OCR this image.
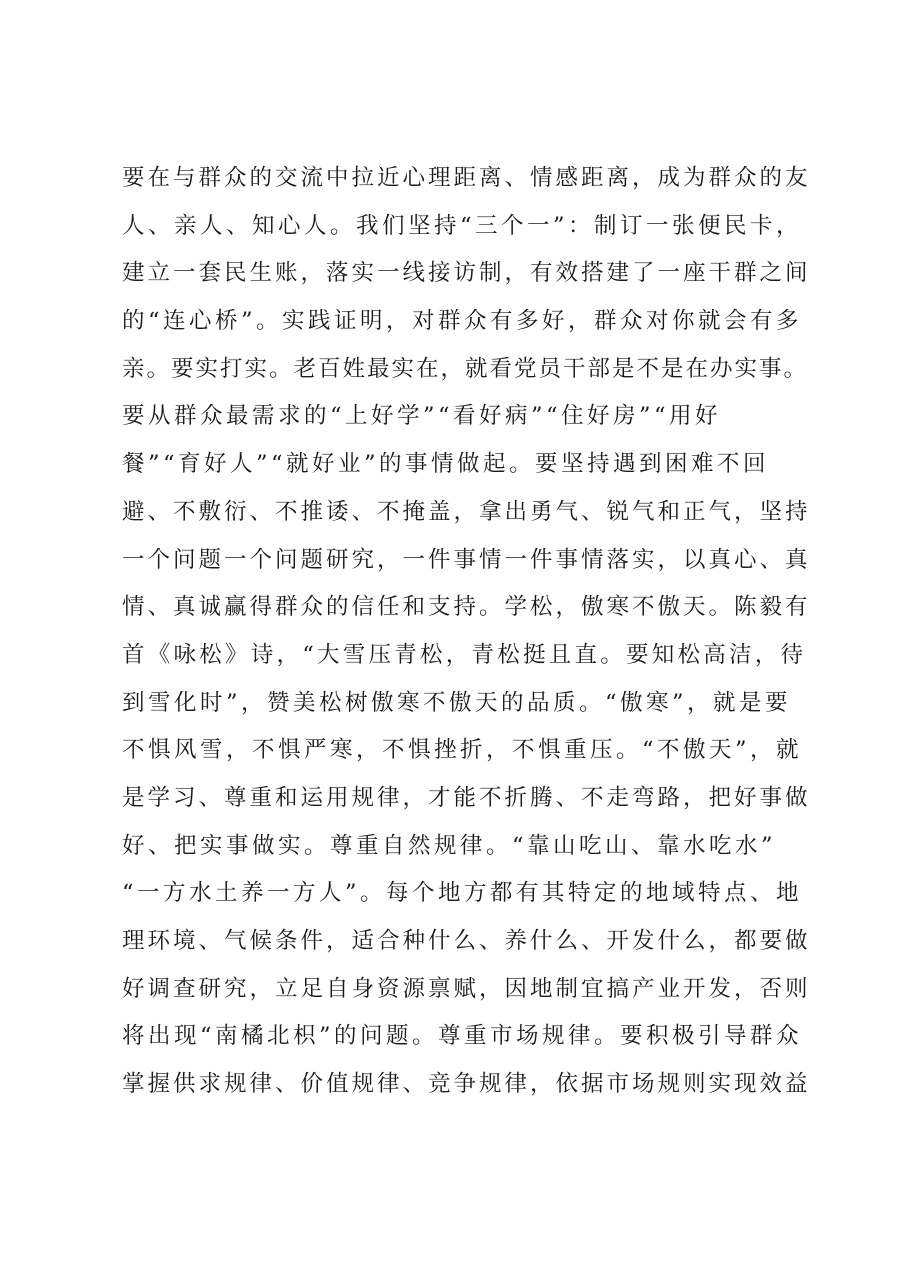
要在与群众的交流中拉近心理距离、情感距离，成为群众的友
人、亲人、知心人。我们坚持“三个一”：制订一张便民卡，
建立一套民生账，落实一线接访制，有效搭建了一座干群之间
的“连心桥”。实践证明，对群众有多好，群众对你就会有多
亲。要实打实。老百姓最实在，就看党员干部是不是在办实事。
要从群众最需求的“上好学”“看好病”“住好房”“用好
餐”“育好人”“就好业”的事情做起。要坚持遇到困难不回
避、不敷衍、不推诿、不掩盖，拿出勇气、锐气和正气，坚持
一个问题一个问题研究，一件事情一件事情落实，以真心、真
情、真诚赢得群众的信任和支持。学松，傲寒不傲天。陈毅有
首《咏松》诗，“大雪压青松，青松挺且直。要知松高洁，待
到雪化时”，赞美松树傲寒不傲天的品质。“傲寒”，就是要
不惧风雪，不惧严寒，不惧挫折，不惧重压。“不傲天”，就
是学习、尊重和运用规律，才能不折腾、不走弯路，把好事做
好、把实事做实。尊重自然规律。“靠山吃山、靠水吃水”
“一方水土养一方人”。每个地方都有其特定的地域特点、地
理环境、气候条件，适合种什么、养什么、开发什么，都要做
好调查研究，立足自身资源禀赋，因地制宜搞产业开发，否则
将出现“南橘北枳”的问题。尊重市场规律。要积极引导群众
掌握供求规律、价值规律、竞争规律，依据市场规则实现效益
